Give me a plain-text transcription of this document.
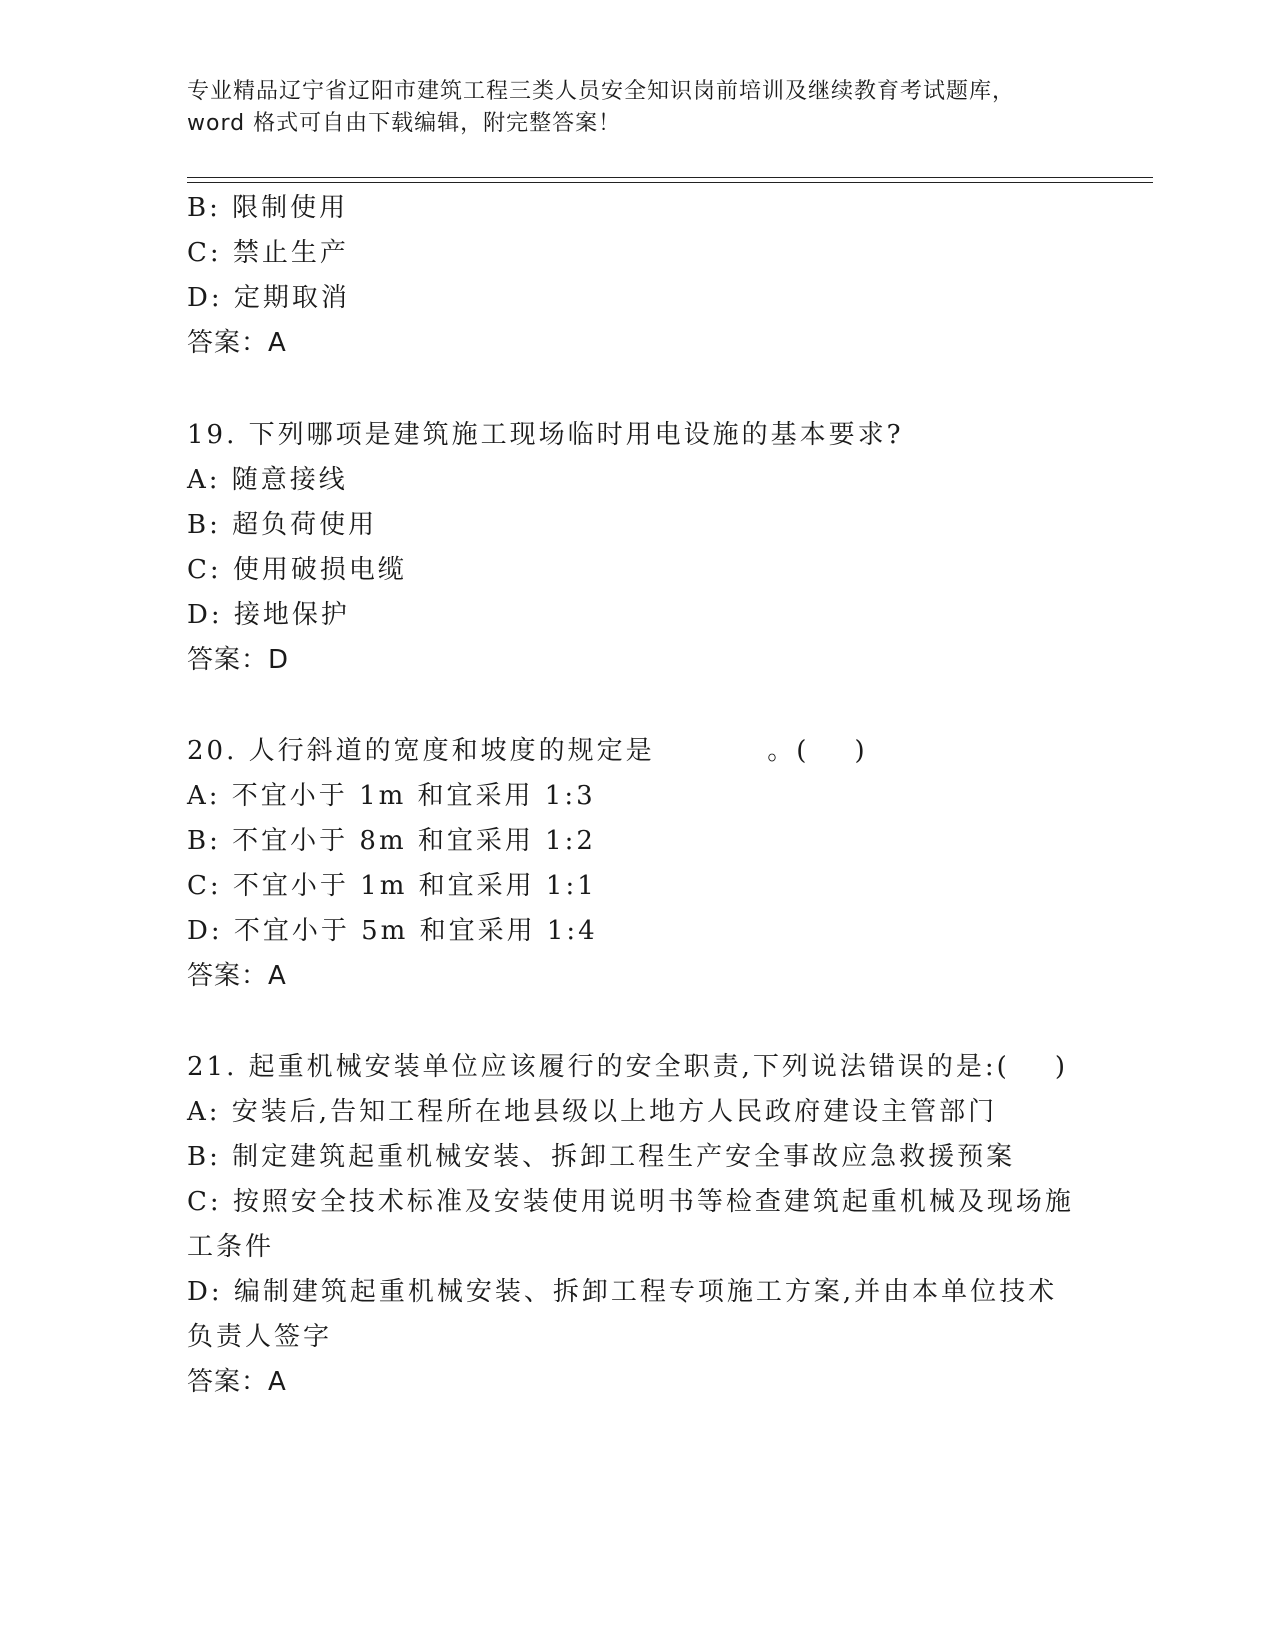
专业精品辽宁省辽阳市建筑工程三类人员安全知识岗前培训及继续教育考试题库，
word 格式可自由下载编辑，附完整答案！
B: 限制使用
C: 禁止生产
D: 定期取消
答案：A
19. 下列哪项是建筑施工现场临时用电设施的基本要求?
A: 随意接线
B: 超负荷使用
C: 使用破损电缆
D: 接地保护
答案：D
20. 人行斜道的宽度和坡度的规定是          。(    )
A: 不宜小于 1m 和宜采用 1:3
B: 不宜小于 8m 和宜采用 1:2
C: 不宜小于 1m 和宜采用 1:1
D: 不宜小于 5m 和宜采用 1:4
答案：A
21. 起重机械安装单位应该履行的安全职责,下列说法错误的是:(    )
A: 安装后,告知工程所在地县级以上地方人民政府建设主管部门
B: 制定建筑起重机械安装、拆卸工程生产安全事故应急救援预案
C: 按照安全技术标准及安装使用说明书等检查建筑起重机械及现场施
工条件
D: 编制建筑起重机械安装、拆卸工程专项施工方案,并由本单位技术
负责人签字
答案：A
